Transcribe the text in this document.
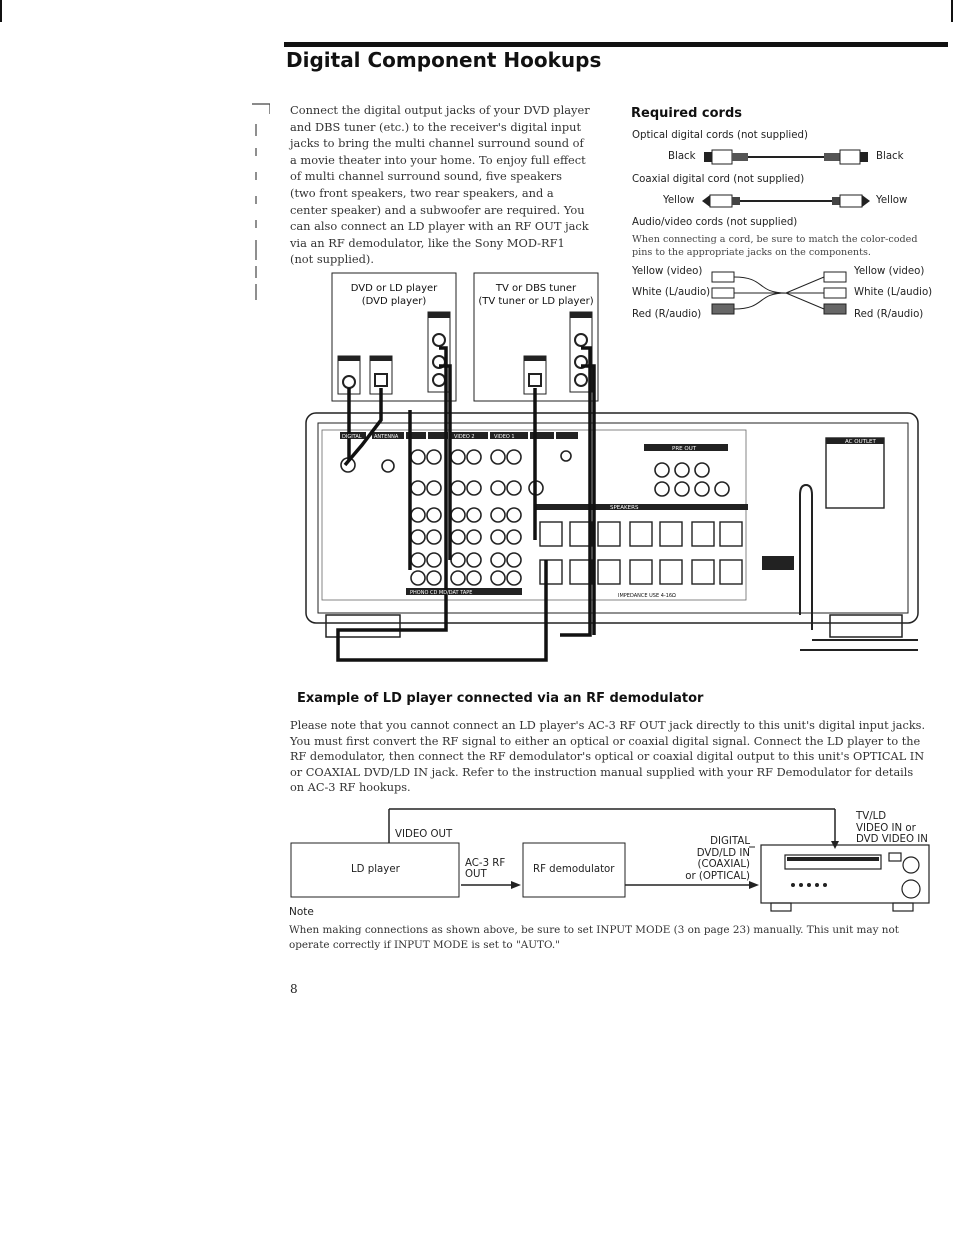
Digital Component Hookups
Connect the digital output jacks of your DVD player and DBS tuner (etc.) to the receiver's digital input jacks to bring the multi channel surround sound of a movie theater into your home. To enjoy full effect of multi channel surround sound, five speakers (two front speakers, two rear speakers, and a center speaker) and a subwoofer are required. You can also connect an LD player with an RF OUT jack via an RF demodulator, like the Sony MOD-RF1 (not supplied).
Required cords
Optical digital cords (not supplied)
Black	Black
Coaxial digital cord (not supplied)
Yellow	Yellow
Audio/video cords (not supplied)
When connecting a cord, be sure to match the color-coded pins to the appropriate jacks on the components.
Yellow (video)
White (L/audio)
Red (R/audio)
Yellow (video)
White (L/audio)
Red (R/audio)
DVD or LD player
(DVD player)
TV or DBS tuner
(TV tuner or LD player)
AC OUTLET
PRE OUT
SPEAKERS
DIGITAL ANTENNA	VIDEO 2	VIDEO 1
PHONO CD MD/DAT TAPE	IMPEDANCE USE 4-16Ω
Example of LD player connected via an RF demodulator
Please note that you cannot connect an LD player's AC-3 RF OUT jack directly to this unit's digital input jacks. You must first convert the RF signal to either an optical or coaxial digital signal. Connect the LD player to the RF demodulator, then connect the RF demodulator's optical or coaxial digital output to this unit's OPTICAL IN or COAXIAL DVD/LD IN jack. Refer to the instruction manual supplied with your RF Demodulator for details on AC-3 RF hookups.
VIDEO OUT
LD player
AC-3 RF
OUT	RF demodulator
DIGITAL
DVD/LD IN
(COAXIAL)
or (OPTICAL)
TV/LD
VIDEO IN or
DVD VIDEO IN
Note
When making connections as shown above, be sure to set INPUT MODE (3 on page 23) manually. This unit may not operate correctly if INPUT MODE is set to "AUTO."
8
